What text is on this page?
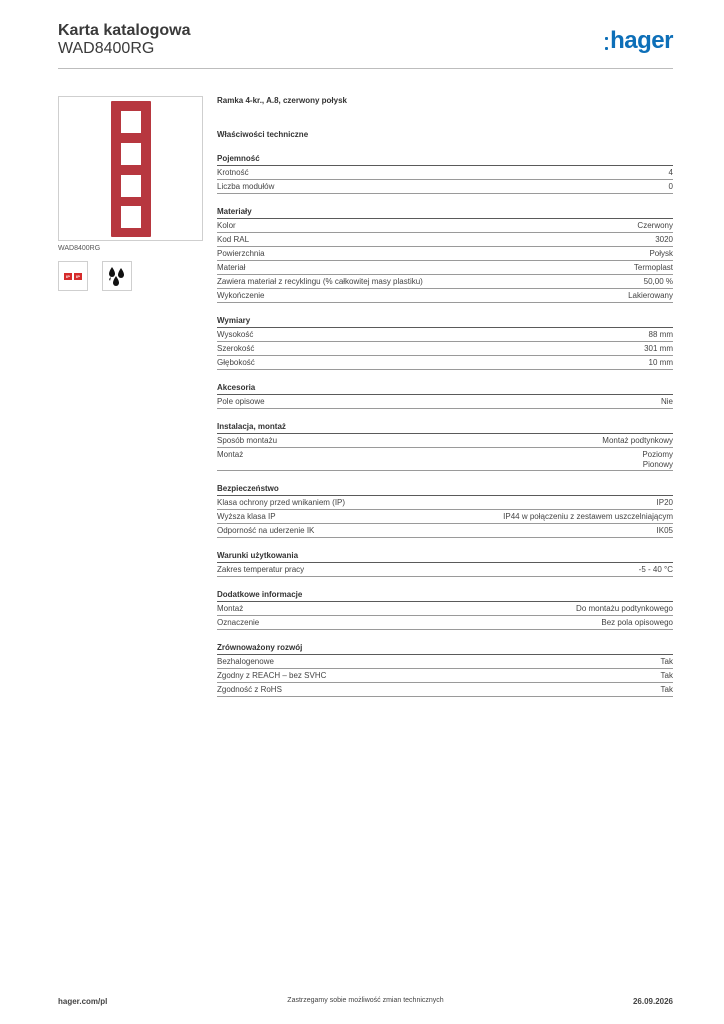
Karta katalogowa
WAD8400RG	hager
WAD8400RG
IP	IP
Ramka 4-kr., A.8, czerwony połysk
Właściwości techniczne
Pojemność
Krotność	4
Liczba modułów	0
Materiały
Kolor	Czerwony
Kod RAL	3020
Powierzchnia	Połysk
Materiał	Termoplast
Zawiera materiał z recyklingu (% całkowitej masy plastiku)	50,00 %
Wykończenie	Lakierowany
Wymiary
Wysokość	88 mm
Szerokość	301 mm
Głębokość	10 mm
Akcesoria
Pole opisowe	Nie
Instalacja, montaż
Sposób montażu	Montaż podtynkowy
Montaż	Poziomy
Pionowy
Bezpieczeństwo
Klasa ochrony przed wnikaniem (IP)	IP20
Wyższa klasa IP	IP44 w połączeniu z zestawem uszczelniającym
Odporność na uderzenie IK	IK05
Warunki użytkowania
Zakres temperatur pracy	-5 - 40 °C
Dodatkowe informacje
Montaż	Do montażu podtynkowego
Oznaczenie	Bez pola opisowego
Zrównoważony rozwój
Bezhalogenowe	Tak
Zgodny z REACH – bez SVHC	Tak
Zgodność z RoHS	Tak
hager.com/pl	Zastrzegamy sobie możliwość zmian technicznych	26.09.2026
